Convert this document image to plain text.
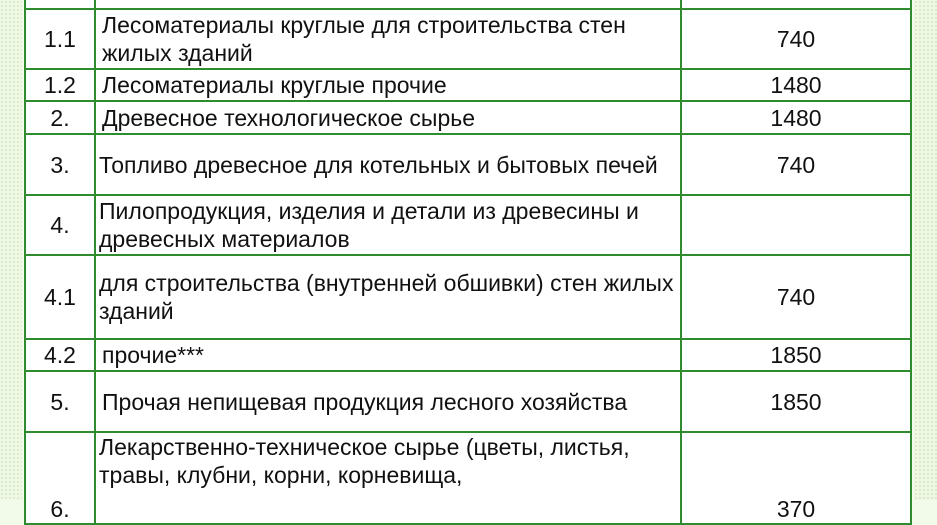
1.1	Лесоматериалы круглые для строительства стен жилых зданий	740
1.2	Лесоматериалы круглые прочие	1480
2.	Древесное технологическое сырье	1480
3.	Топливо древесное для котельных и бытовых печей	740
4.	Пилопродукция, изделия и детали из древесины и древесных материалов	
4.1	для строительства (внутренней обшивки) стен жилых зданий	740
4.2	прочие***	1850
5.	Прочая непищевая продукция лесного хозяйства	1850
6.	Лекарственно-техническое сырье (цветы, листья, травы, клубни, корни, корневища,	370
